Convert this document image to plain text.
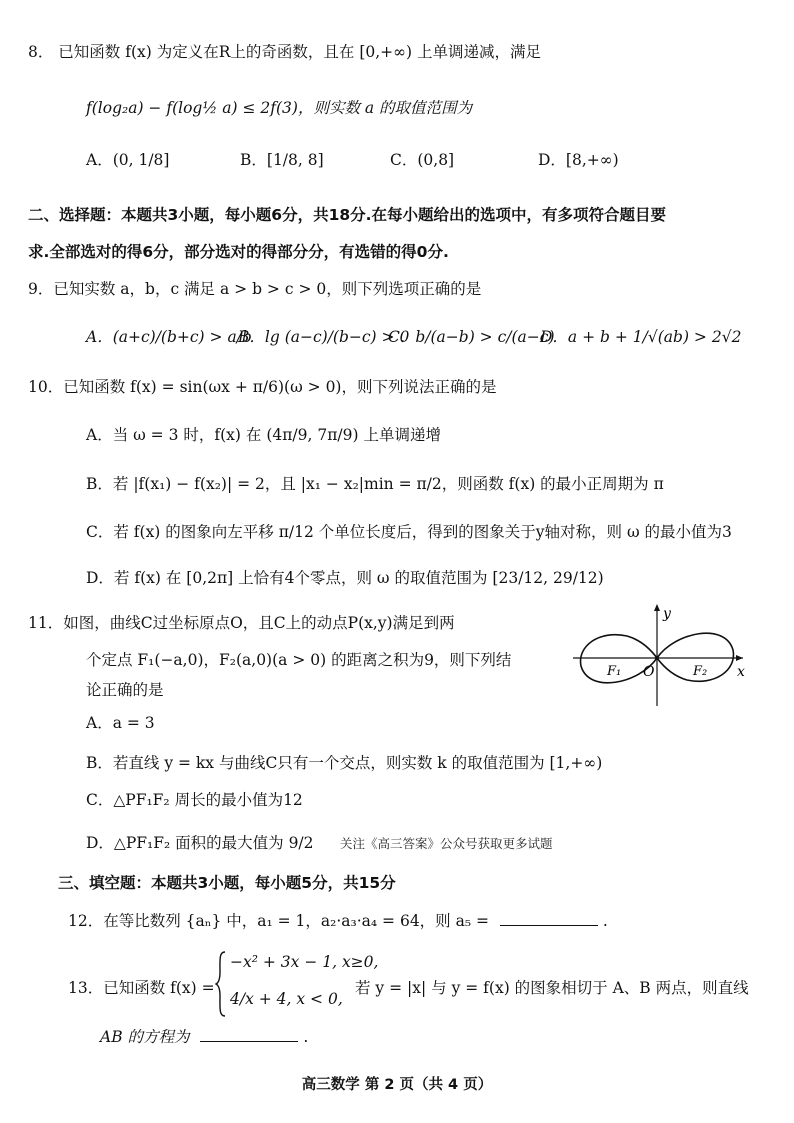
8． 已知函数 f(x) 为定义在R上的奇函数，且在 [0,+∞) 上单调递减，满足
f(log₂a) − f(log½ a) ≤ 2f(3)，则实数 a 的取值范围为
A．(0, 1/8]	B．[1/8, 8]	C．(0,8]	D．[8,+∞)
二、选择题：本题共3小题，每小题6分，共18分.在每小题给出的选项中，有多项符合题目要
求.全部选对的得6分，部分选对的得部分分，有选错的得0分.
9．已知实数 a，b，c 满足 a > b > c > 0，则下列选项正确的是
A．(a+c)/(b+c) > a/b
B．lg (a−c)/(b−c) > 0
C．b/(a−b) > c/(a−c)
D．a + b + 1/√(ab) > 2√2
10．已知函数 f(x) = sin(ωx + π/6)(ω > 0)，则下列说法正确的是
A．当 ω = 3 时，f(x) 在 (4π/9, 7π/9) 上单调递增
B．若 |f(x₁) − f(x₂)| = 2，且 |x₁ − x₂|min = π/2，则函数 f(x) 的最小正周期为 π
C．若 f(x) 的图象向左平移 π/12 个单位长度后，得到的图象关于y轴对称，则 ω 的最小值为3
D．若 f(x) 在 [0,2π] 上恰有4个零点，则 ω 的取值范围为 [23/12, 29/12)
11．如图，曲线C过坐标原点O，且C上的动点P(x,y)满足到两
个定点 F₁(−a,0)，F₂(a,0)(a > 0) 的距离之积为9，则下列结
论正确的是
A．a = 3
B．若直线 y = kx 与曲线C只有一个交点，则实数 k 的取值范围为 [1,+∞)
C．△PF₁F₂ 周长的最小值为12
D．△PF₁F₂ 面积的最大值为 9/2 关注《高三答案》公众号获取更多试题
y
x
O
F₁	F₂
三、填空题：本题共3小题，每小题5分，共15分
12．在等比数列 {aₙ} 中，a₁ = 1，a₂·a₃·a₄ = 64，则 a₅ =	.
13．已知函数 f(x) =
−x² + 3x − 1, x≥0,
4/x + 4, x < 0,
若 y = |x| 与 y = f(x) 的图象相切于 A、B 两点，则直线
AB 的方程为	.
高三数学 第 2 页（共 4 页）
